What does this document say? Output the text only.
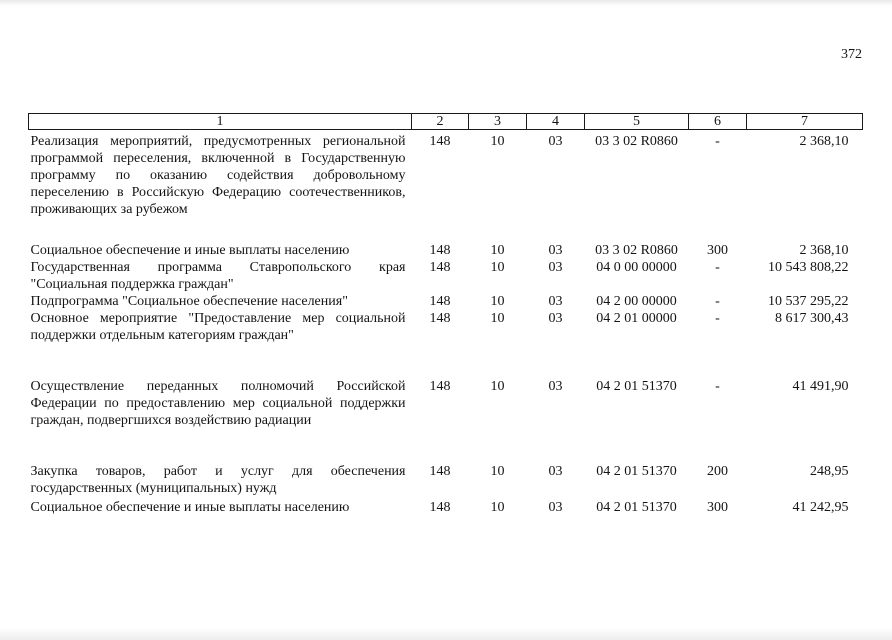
372
1	2	3	4	5	6	7
Реализация мероприятий, предусмотренных региональной программой переселения, включенной в Государственную программу по оказанию содействия добровольному переселению в Российскую Федерацию соотечественников, проживающих за рубежом	148	10	03	03 3 02 R0860	-	2 368,10

Социальное обеспечение и иные выплаты населению	148	10	03	03 3 02 R0860	300	2 368,10
Государственная программа Ставропольского края "Социальная поддержка граждан"	148	10	03	04 0 00 00000	-	10 543 808,22
Подпрограмма "Социальное обеспечение населения"	148	10	03	04 2 00 00000	-	10 537 295,22
Основное мероприятие "Предоставление мер социальной поддержки отдельным категориям граждан"	148	10	03	04 2 01 00000	-	8 617 300,43

Осуществление переданных полномочий Российской Федерации по предоставлению мер социальной поддержки граждан, подвергшихся воздействию радиации	148	10	03	04 2 01 51370	-	41 491,90

Закупка товаров, работ и услуг для обеспечения государственных (муниципальных) нужд	148	10	03	04 2 01 51370	200	248,95
Социальное обеспечение и иные выплаты населению	148	10	03	04 2 01 51370	300	41 242,95
